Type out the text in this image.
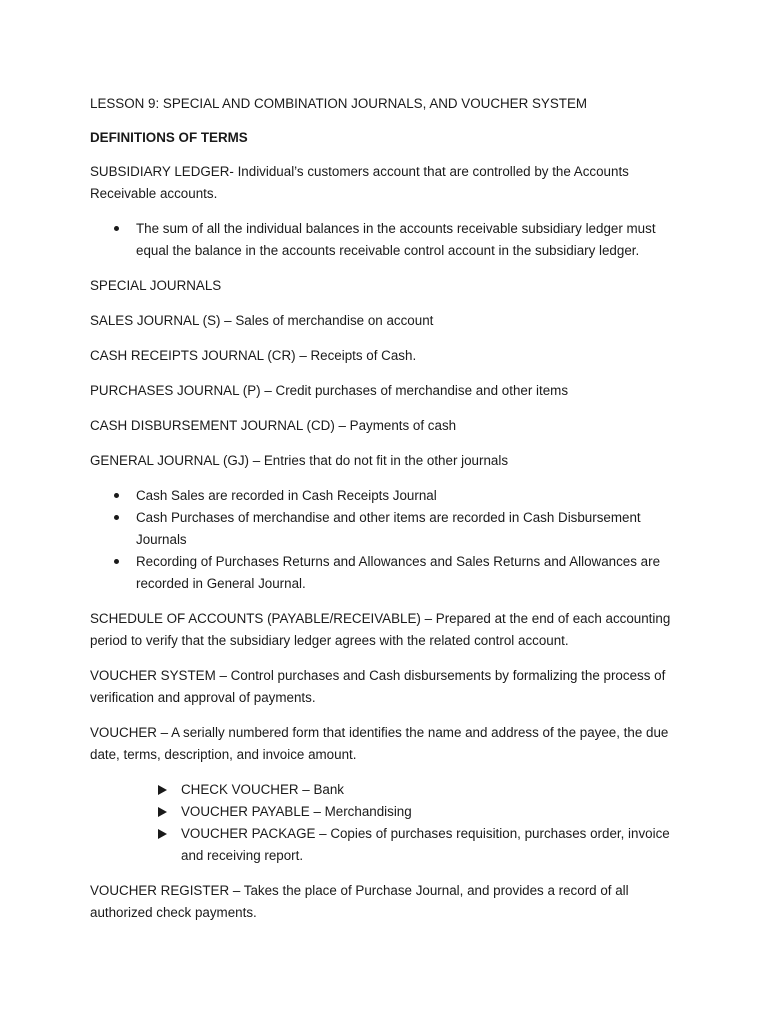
LESSON 9: SPECIAL AND COMBINATION JOURNALS, AND VOUCHER SYSTEM

DEFINITIONS OF TERMS

SUBSIDIARY LEDGER- Individual’s customers account that are controlled by the Accounts Receivable accounts.

The sum of all the individual balances in the accounts receivable subsidiary ledger must equal the balance in the accounts receivable control account in the subsidiary ledger.

SPECIAL JOURNALS

SALES JOURNAL (S) – Sales of merchandise on account

CASH RECEIPTS JOURNAL (CR) – Receipts of Cash.

PURCHASES JOURNAL (P) – Credit purchases of merchandise and other items

CASH DISBURSEMENT JOURNAL (CD) – Payments of cash

GENERAL JOURNAL (GJ) – Entries that do not fit in the other journals

Cash Sales are recorded in Cash Receipts Journal
Cash Purchases of merchandise and other items are recorded in Cash Disbursement Journals
Recording of Purchases Returns and Allowances and Sales Returns and Allowances are recorded in General Journal.

SCHEDULE OF ACCOUNTS (PAYABLE/RECEIVABLE) – Prepared at the end of each accounting period to verify that the subsidiary ledger agrees with the related control account.

VOUCHER SYSTEM – Control purchases and Cash disbursements by formalizing the process of verification and approval of payments.

VOUCHER – A serially numbered form that identifies the name and address of the payee, the due date, terms, description, and invoice amount.

CHECK VOUCHER – Bank
VOUCHER PAYABLE – Merchandising
VOUCHER PACKAGE – Copies of purchases requisition, purchases order, invoice and receiving report.

VOUCHER REGISTER – Takes the place of Purchase Journal, and provides a record of all authorized check payments.
